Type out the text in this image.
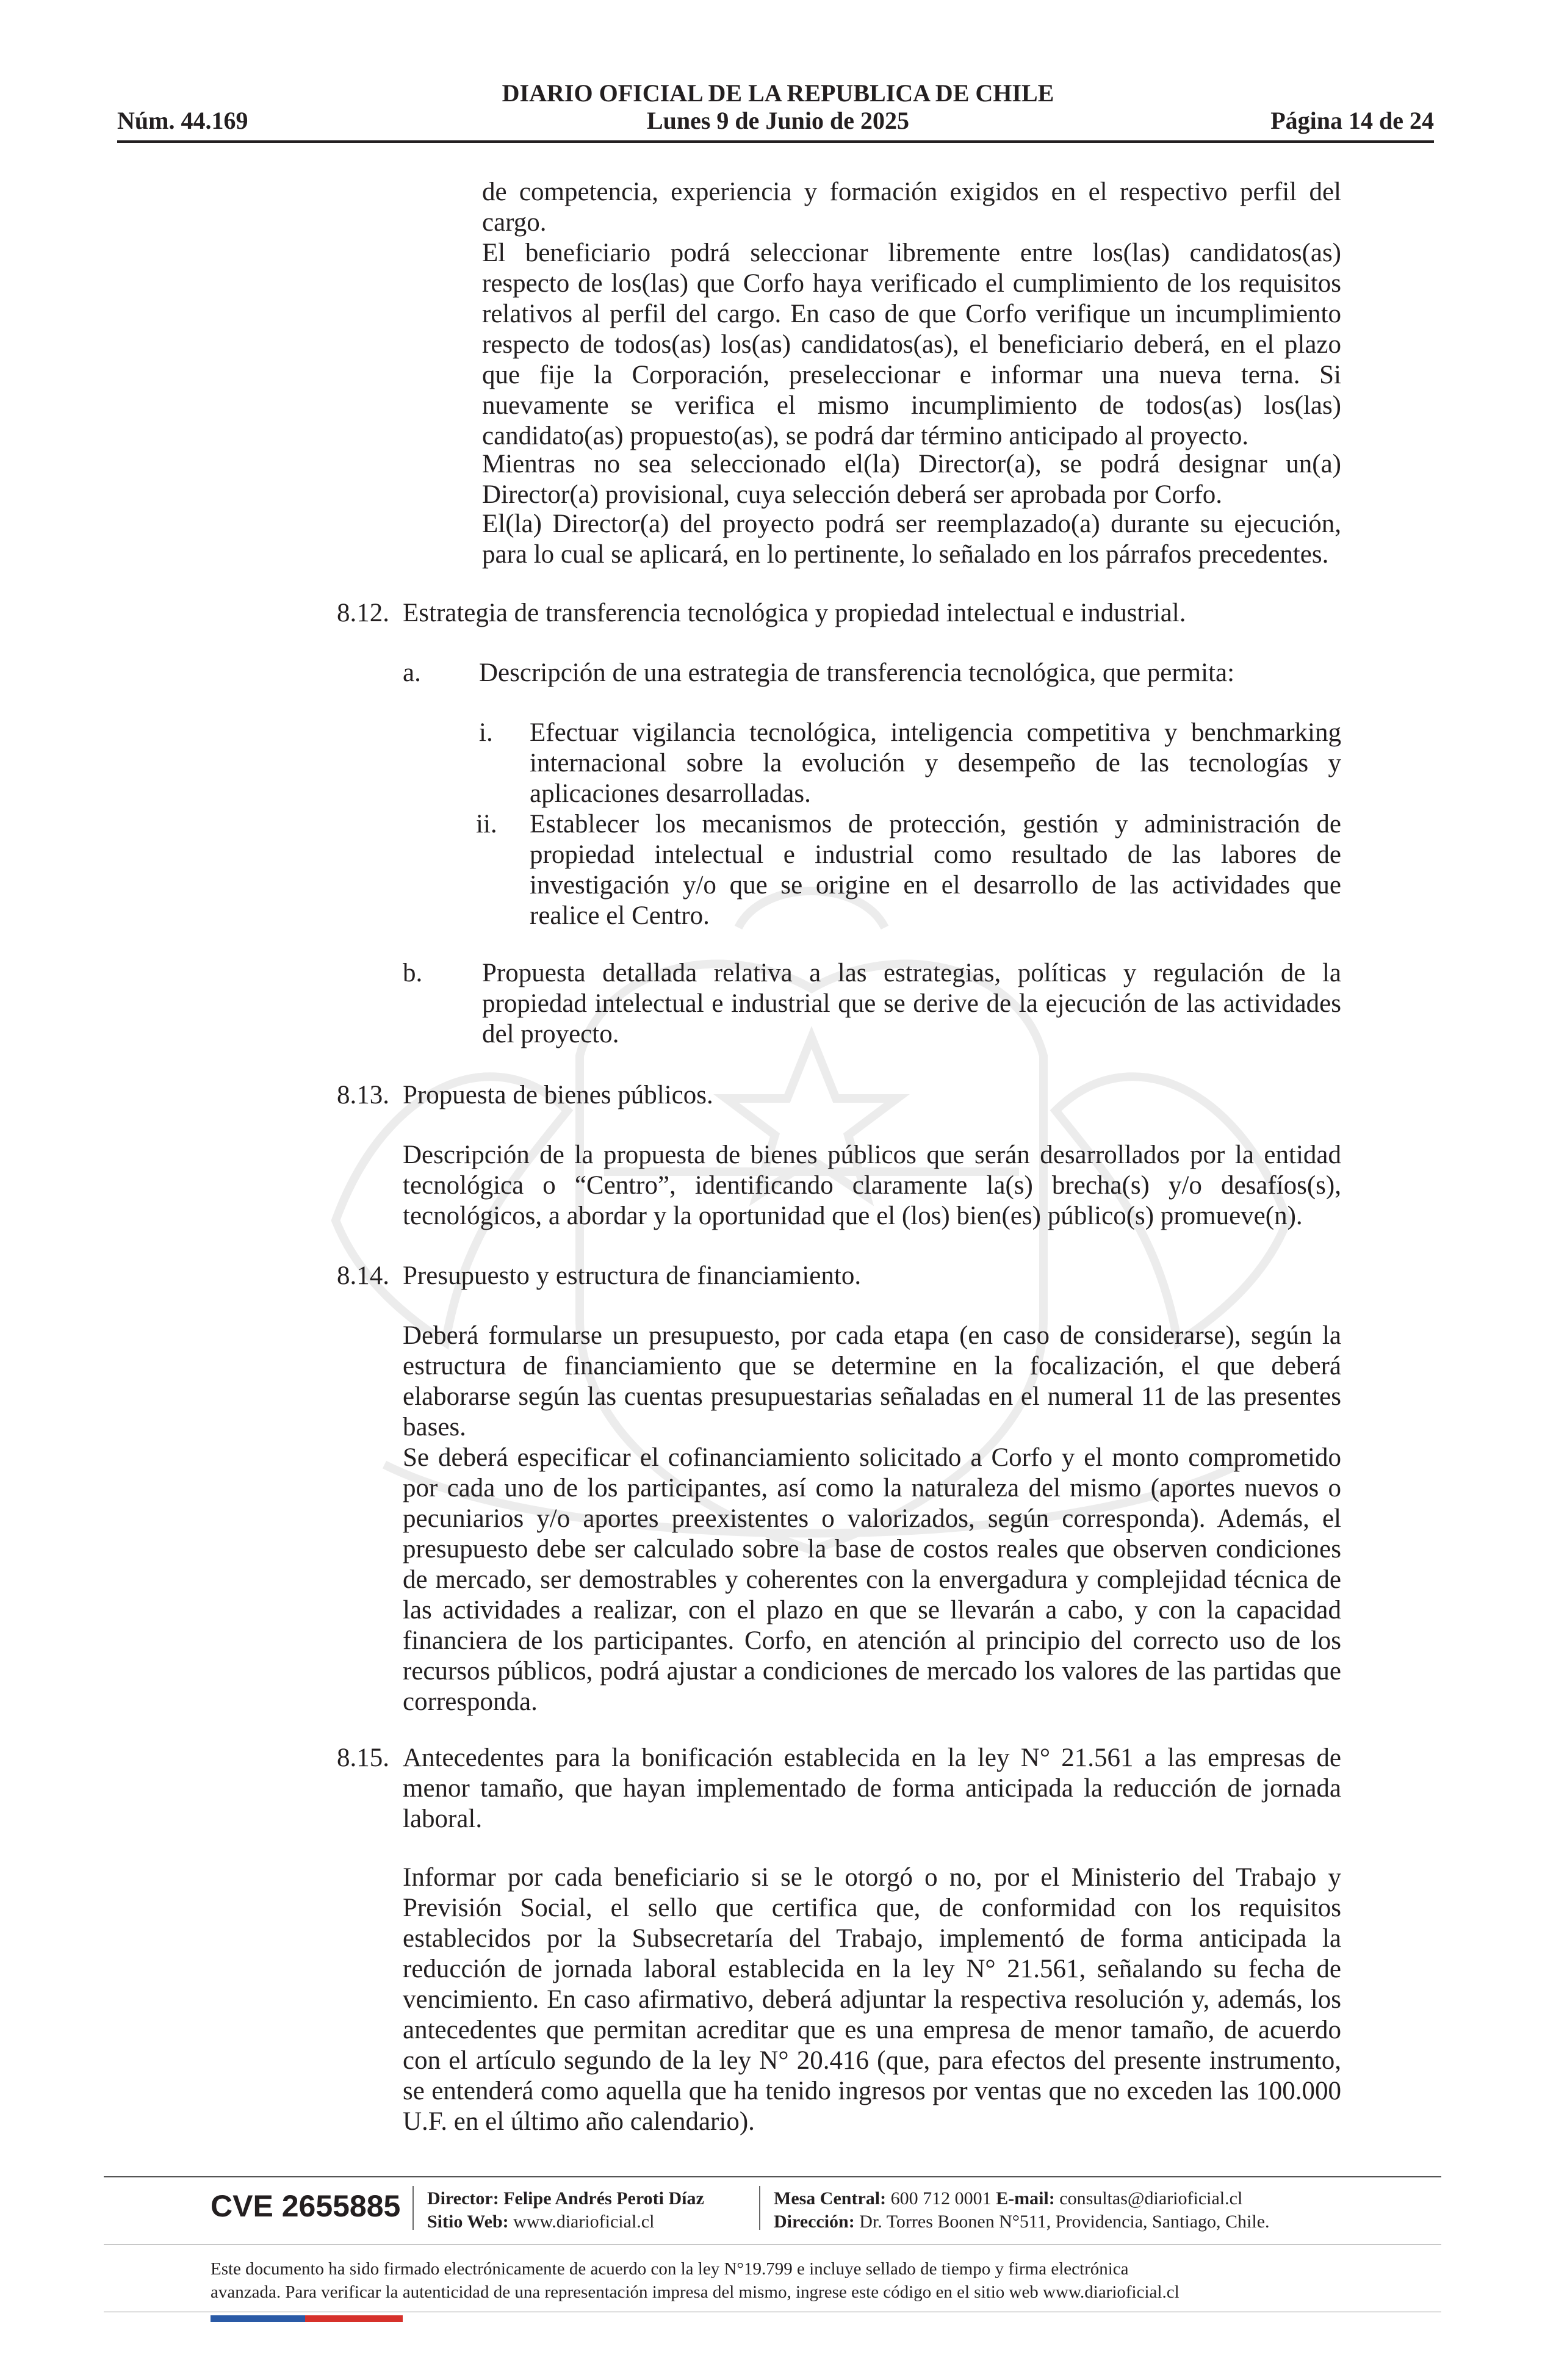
DIARIO OFICIAL DE LA REPUBLICA DE CHILE
Lunes 9 de Junio de 2025
Núm. 44.169	Página 14 de 24

de competencia, experiencia y formación exigidos en el respectivo perfil del cargo.

El beneficiario podrá seleccionar libremente entre los(las) candidatos(as) respecto de los(las) que Corfo haya verificado el cumplimiento de los requisitos relativos al perfil del cargo. En caso de que Corfo verifique un incumplimiento respecto de todos(as) los(as) candidatos(as), el beneficiario deberá, en el plazo que fije la Corporación, preseleccionar e informar una nueva terna. Si nuevamente se verifica el mismo incumplimiento de todos(as) los(las) candidato(as) propuesto(as), se podrá dar término anticipado al proyecto.

Mientras no sea seleccionado el(la) Director(a), se podrá designar un(a) Director(a) provisional, cuya selección deberá ser aprobada por Corfo.

El(la) Director(a) del proyecto podrá ser reemplazado(a) durante su ejecución, para lo cual se aplicará, en lo pertinente, lo señalado en los párrafos precedentes.

8.12. Estrategia de transferencia tecnológica y propiedad intelectual e industrial.
a. Descripción de una estrategia de transferencia tecnológica, que permita:
i. Efectuar vigilancia tecnológica, inteligencia competitiva y benchmarking internacional sobre la evolución y desempeño de las tecnologías y aplicaciones desarrolladas.

ii. Establecer los mecanismos de protección, gestión y administración de propiedad intelectual e industrial como resultado de las labores de investigación y/o que se origine en el desarrollo de las actividades que realice el Centro.

b. Propuesta detallada relativa a las estrategias, políticas y regulación de la propiedad intelectual e industrial que se derive de la ejecución de las actividades del proyecto.

8.13. Propuesta de bienes públicos.

Descripción de la propuesta de bienes públicos que serán desarrollados por la entidad tecnológica o “Centro”, identificando claramente la(s) brecha(s) y/o desafíos(s), tecnológicos, a abordar y la oportunidad que el (los) bien(es) público(s) promueve(n).

8.14. Presupuesto y estructura de financiamiento.

Deberá formularse un presupuesto, por cada etapa (en caso de considerarse), según la estructura de financiamiento que se determine en la focalización, el que deberá elaborarse según las cuentas presupuestarias señaladas en el numeral 11 de las presentes bases.

Se deberá especificar el cofinanciamiento solicitado a Corfo y el monto comprometido por cada uno de los participantes, así como la naturaleza del mismo (aportes nuevos o pecuniarios y/o aportes preexistentes o valorizados, según corresponda). Además, el presupuesto debe ser calculado sobre la base de costos reales que observen condiciones de mercado, ser demostrables y coherentes con la envergadura y complejidad técnica de las actividades a realizar, con el plazo en que se llevarán a cabo, y con la capacidad financiera de los participantes. Corfo, en atención al principio del correcto uso de los recursos públicos, podrá ajustar a condiciones de mercado los valores de las partidas que corresponda.

8.15. Antecedentes para la bonificación establecida en la ley N° 21.561 a las empresas de menor tamaño, que hayan implementado de forma anticipada la reducción de jornada laboral.

Informar por cada beneficiario si se le otorgó o no, por el Ministerio del Trabajo y Previsión Social, el sello que certifica que, de conformidad con los requisitos establecidos por la Subsecretaría del Trabajo, implementó de forma anticipada la reducción de jornada laboral establecida en la ley N° 21.561, señalando su fecha de vencimiento. En caso afirmativo, deberá adjuntar la respectiva resolución y, además, los antecedentes que permitan acreditar que es una empresa de menor tamaño, de acuerdo con el artículo segundo de la ley N° 20.416 (que, para efectos del presente instrumento, se entenderá como aquella que ha tenido ingresos por ventas que no exceden las 100.000 U.F. en el último año calendario).

CVE 2655885 Director: Felipe Andrés Peroti Díaz
Sitio Web: www.diarioficial.cl
Mesa Central: 600 712 0001 E-mail: consultas@diarioficial.cl
Dirección: Dr. Torres Boonen N°511, Providencia, Santiago, Chile.
Este documento ha sido firmado electrónicamente de acuerdo con la ley N°19.799 e incluye sellado de tiempo y firma electrónica
avanzada. Para verificar la autenticidad de una representación impresa del mismo, ingrese este código en el sitio web www.diarioficial.cl
